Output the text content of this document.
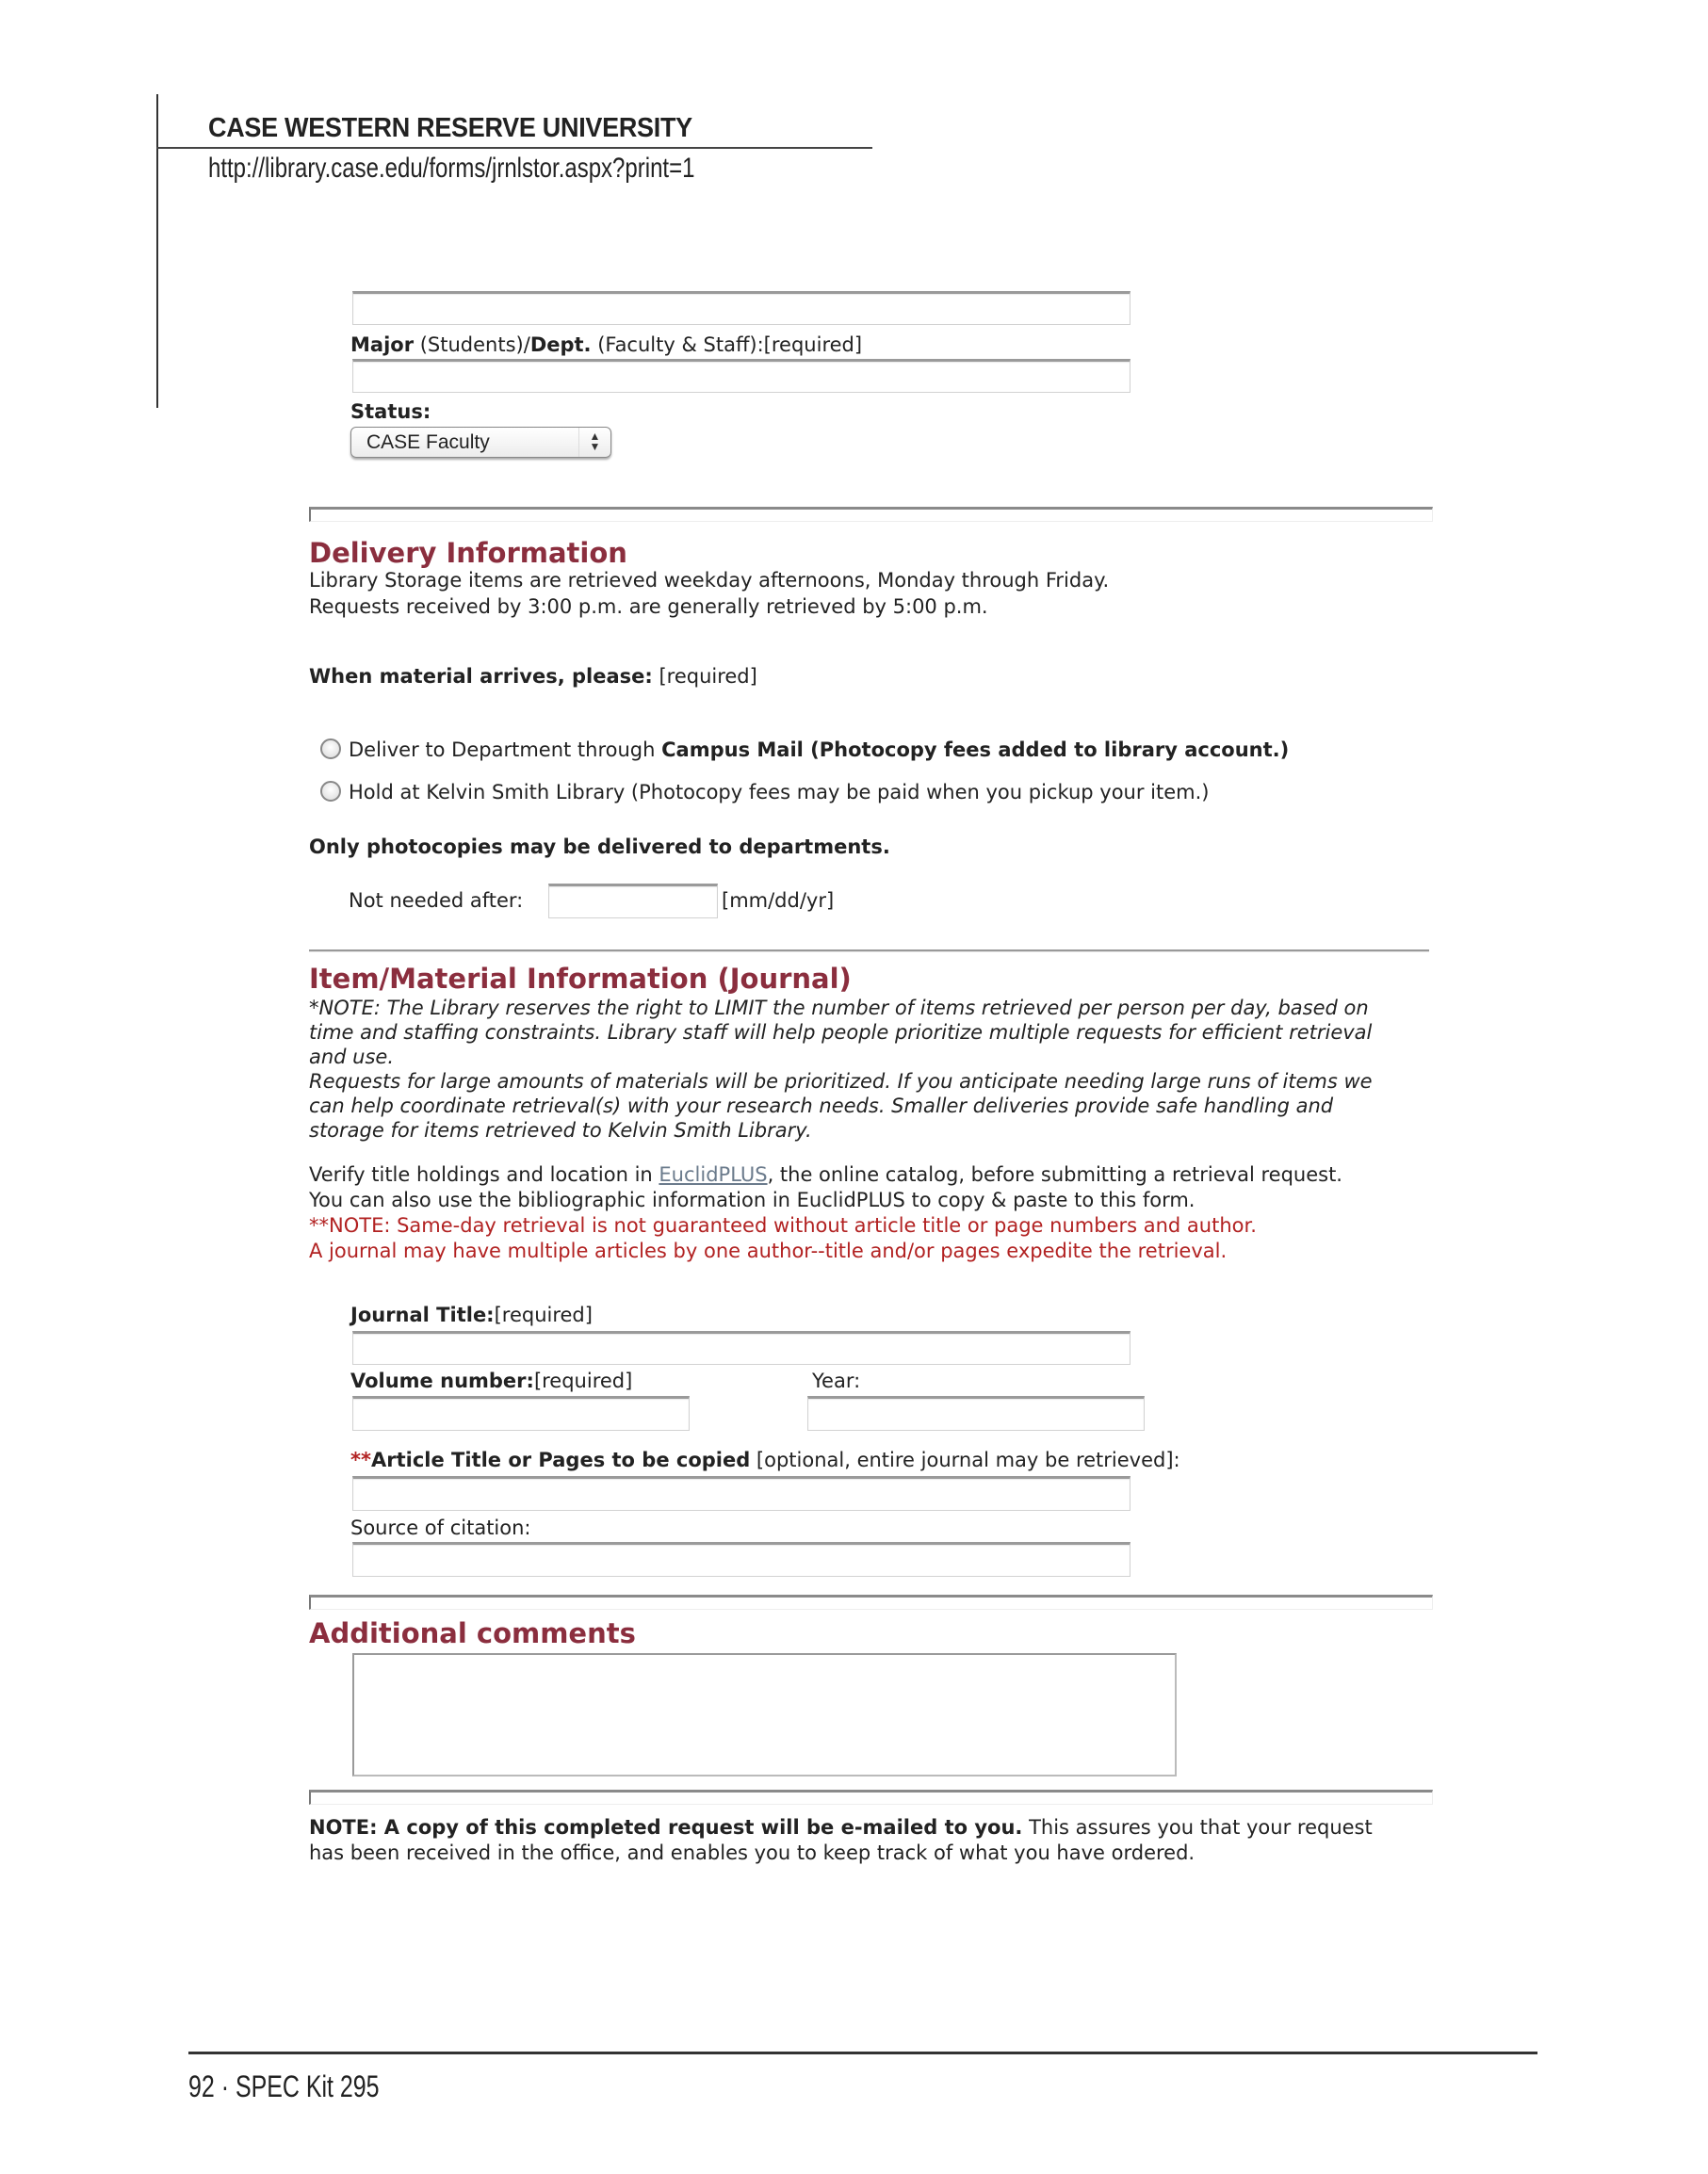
CASE WESTERN RESERVE UNIVERSITY
http://library.case.edu/forms/jrnlstor.aspx?print=1
Major (Students)/Dept. (Faculty & Staff):[required]
Status:
CASE Faculty	▲
▼
Delivery Information
Library Storage items are retrieved weekday afternoons, Monday through Friday.
Requests received by 3:00 p.m. are generally retrieved by 5:00 p.m.
When material arrives, please: [required]
Deliver to Department through Campus Mail (Photocopy fees added to library account.)
Hold at Kelvin Smith Library (Photocopy fees may be paid when you pickup your item.)
Only photocopies may be delivered to departments.
Not needed after:	[mm/dd/yr]
Item/Material Information (Journal)
*NOTE: The Library reserves the right to LIMIT the number of items retrieved per person per day, based on
time and staffing constraints. Library staff will help people prioritize multiple requests for efficient retrieval
and use.
Requests for large amounts of materials will be prioritized. If you anticipate needing large runs of items we
can help coordinate retrieval(s) with your research needs. Smaller deliveries provide safe handling and
storage for items retrieved to Kelvin Smith Library.
Verify title holdings and location in EuclidPLUS, the online catalog, before submitting a retrieval request.
You can also use the bibliographic information in EuclidPLUS to copy & paste to this form.
**NOTE: Same-day retrieval is not guaranteed without article title or page numbers and author.
A journal may have multiple articles by one author--title and/or pages expedite the retrieval.
Journal Title:[required]
Volume number:[required]	Year:
**Article Title or Pages to be copied [optional, entire journal may be retrieved]:
Source of citation:
Additional comments
NOTE: A copy of this completed request will be e-mailed to you. This assures you that your request
has been received in the office, and enables you to keep track of what you have ordered.
92 · SPEC Kit 295
